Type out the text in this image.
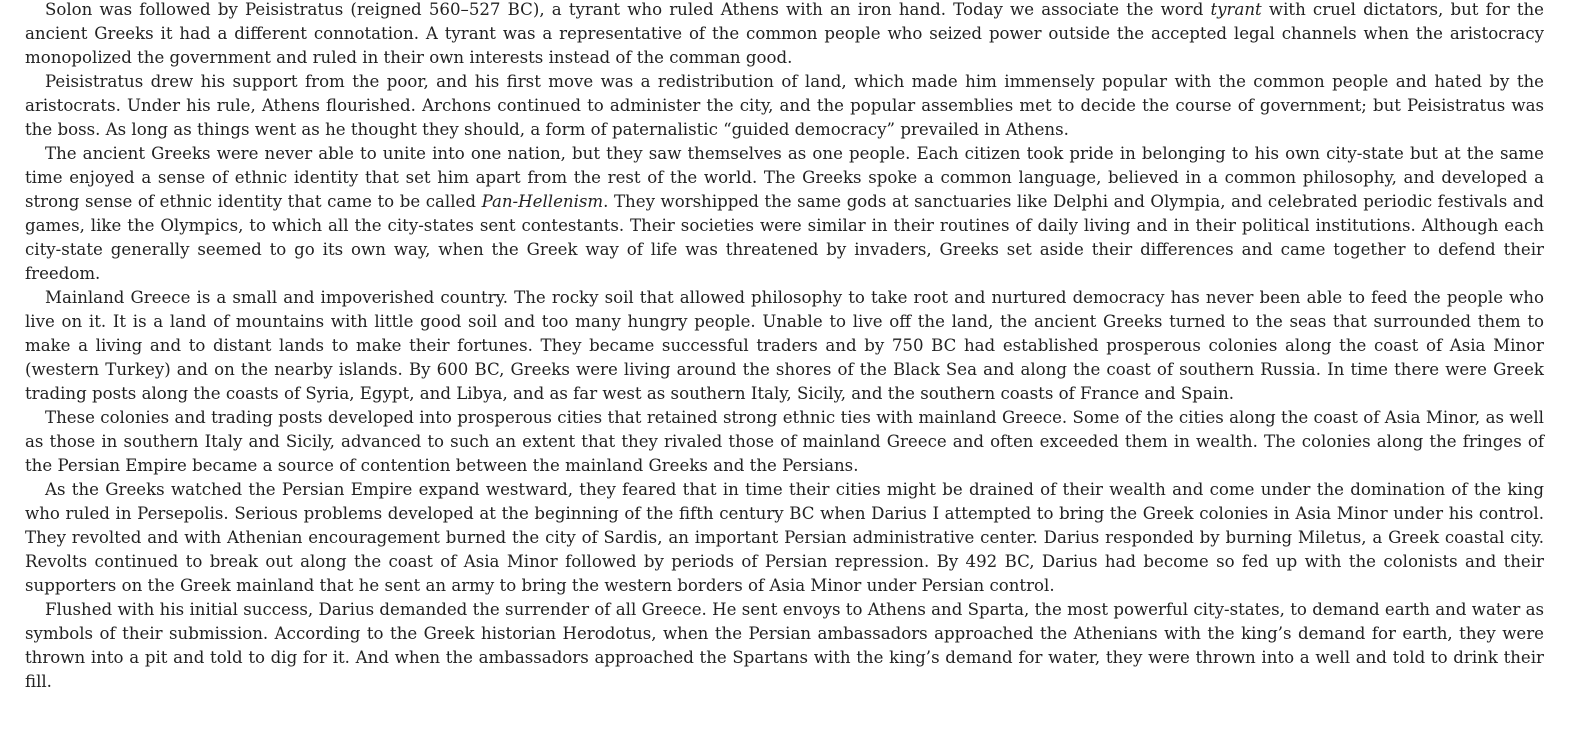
Solon was followed by Peisistratus (reigned 560–527 BC), a tyrant who ruled Athens with an iron hand. Today we associate the word tyrant with cruel dictators, but for the ancient Greeks it had a different connotation. A tyrant was a representative of the common people who seized power outside the accepted legal channels when the aristocracy monopolized the government and ruled in their own interests instead of the comman good.

Peisistratus drew his support from the poor, and his first move was a redistribution of land, which made him immensely popular with the common people and hated by the aristocrats. Under his rule, Athens flourished. Archons continued to administer the city, and the popular assemblies met to decide the course of government; but Peisistratus was the boss. As long as things went as he thought they should, a form of paternalistic “guided democracy” prevailed in Athens.

The ancient Greeks were never able to unite into one nation, but they saw themselves as one people. Each citizen took pride in belonging to his own city-state but at the same time enjoyed a sense of ethnic identity that set him apart from the rest of the world. The Greeks spoke a common language, believed in a common philosophy, and developed a strong sense of ethnic identity that came to be called Pan-Hellenism. They worshipped the same gods at sanctuaries like Delphi and Olympia, and celebrated periodic festivals and games, like the Olympics, to which all the city-states sent contestants. Their societies were similar in their routines of daily living and in their political institutions. Although each city-state generally seemed to go its own way, when the Greek way of life was threatened by invaders, Greeks set aside their differences and came together to defend their freedom.

Mainland Greece is a small and impoverished country. The rocky soil that allowed philosophy to take root and nurtured democracy has never been able to feed the people who live on it. It is a land of mountains with little good soil and too many hungry people. Unable to live off the land, the ancient Greeks turned to the seas that surrounded them to make a living and to distant lands to make their fortunes. They became successful traders and by 750 BC had established prosperous colonies along the coast of Asia Minor (western Turkey) and on the nearby islands. By 600 BC, Greeks were living around the shores of the Black Sea and along the coast of southern Russia. In time there were Greek trading posts along the coasts of Syria, Egypt, and Libya, and as far west as southern Italy, Sicily, and the southern coasts of France and Spain.

These colonies and trading posts developed into prosperous cities that retained strong ethnic ties with mainland Greece. Some of the cities along the coast of Asia Minor, as well as those in southern Italy and Sicily, advanced to such an extent that they rivaled those of mainland Greece and often exceeded them in wealth. The colonies along the fringes of the Persian Empire became a source of contention between the mainland Greeks and the Persians.

As the Greeks watched the Persian Empire expand westward, they feared that in time their cities might be drained of their wealth and come under the domination of the king who ruled in Persepolis. Serious problems developed at the beginning of the fifth century BC when Darius I attempted to bring the Greek colonies in Asia Minor under his control. They revolted and with Athenian encouragement burned the city of Sardis, an important Persian administrative center. Darius responded by burning Miletus, a Greek coastal city. Revolts continued to break out along the coast of Asia Minor followed by periods of Persian repression. By 492 BC, Darius had become so fed up with the colonists and their supporters on the Greek mainland that he sent an army to bring the western borders of Asia Minor under Persian control.

Flushed with his initial success, Darius demanded the surrender of all Greece. He sent envoys to Athens and Sparta, the most powerful city-states, to demand earth and water as symbols of their submission. According to the Greek historian Herodotus, when the Persian ambassadors approached the Athenians with the king’s demand for earth, they were thrown into a pit and told to dig for it. And when the ambassadors approached the Spartans with the king’s demand for water, they were thrown into a well and told to drink their fill.
